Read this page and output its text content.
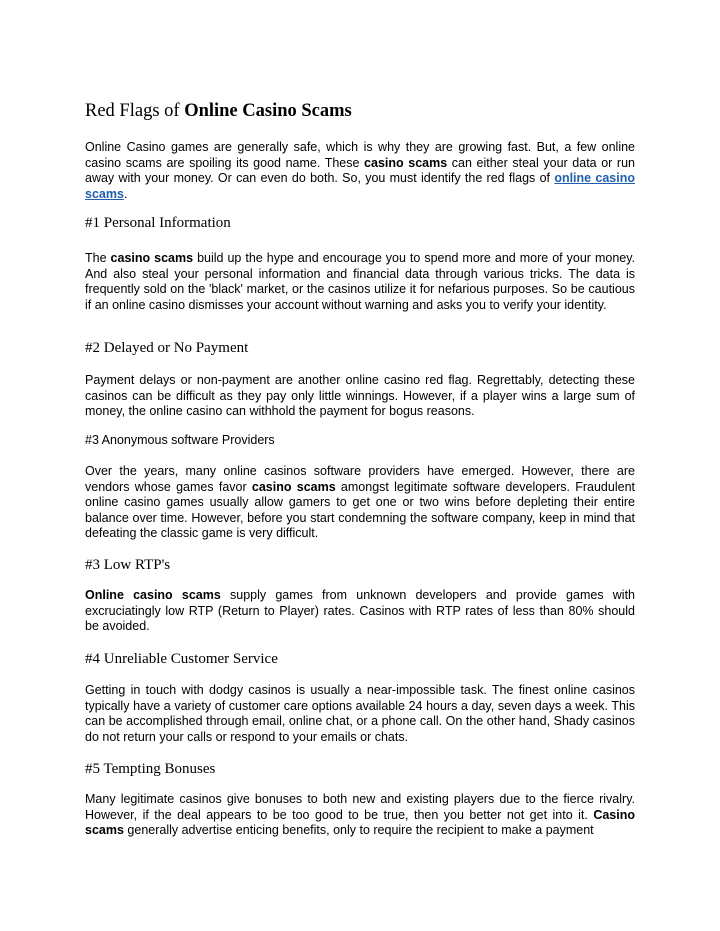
Red Flags of Online Casino Scams

Online Casino games are generally safe, which is why they are growing fast. But, a few online casino scams are spoiling its good name. These casino scams can either steal your data or run away with your money. Or can even do both. So, you must identify the red flags of online casino scams.

#1 Personal Information

The casino scams build up the hype and encourage you to spend more and more of your money. And also steal your personal information and financial data through various tricks. The data is frequently sold on the 'black' market, or the casinos utilize it for nefarious purposes. So be cautious if an online casino dismisses your account without warning and asks you to verify your identity.

#2 Delayed or No Payment

Payment delays or non-payment are another online casino red flag. Regrettably, detecting these casinos can be difficult as they pay only little winnings. However, if a player wins a large sum of money, the online casino can withhold the payment for bogus reasons.

#3 Anonymous software Providers

Over the years, many online casinos software providers have emerged. However, there are vendors whose games favor casino scams amongst legitimate software developers. Fraudulent online casino games usually allow gamers to get one or two wins before depleting their entire balance over time. However, before you start condemning the software company, keep in mind that defeating the classic game is very difficult.

#3 Low RTP's

Online casino scams supply games from unknown developers and provide games with excruciatingly low RTP (Return to Player) rates. Casinos with RTP rates of less than 80% should be avoided.

#4 Unreliable Customer Service

Getting in touch with dodgy casinos is usually a near-impossible task. The finest online casinos typically have a variety of customer care options available 24 hours a day, seven days a week. This can be accomplished through email, online chat, or a phone call. On the other hand, Shady casinos do not return your calls or respond to your emails or chats.

#5 Tempting Bonuses

Many legitimate casinos give bonuses to both new and existing players due to the fierce rivalry. However, if the deal appears to be too good to be true, then you better not get into it. Casino scams generally advertise enticing benefits, only to require the recipient to make a payment
